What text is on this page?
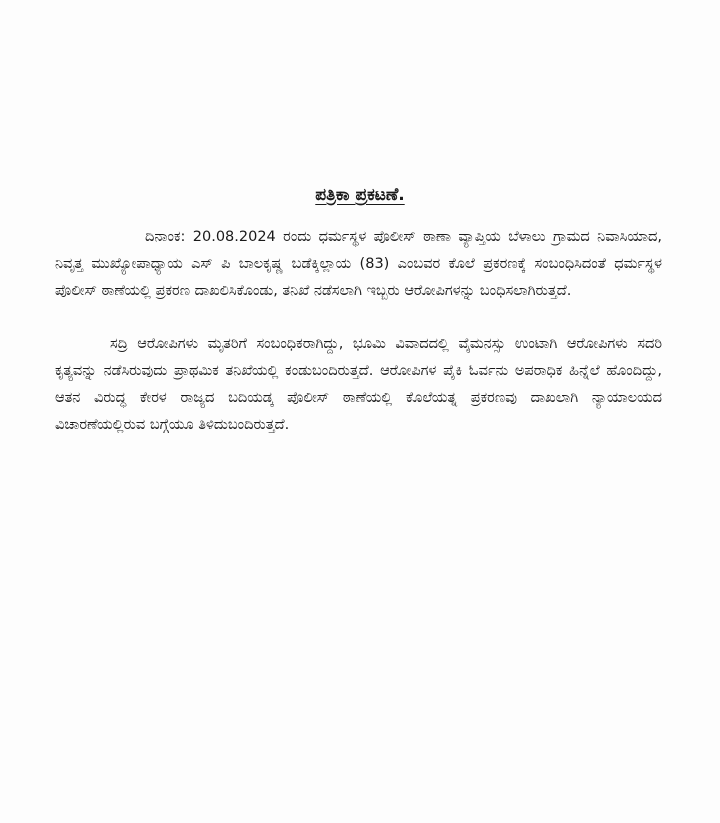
ಪತ್ರಿಕಾ ಪ್ರಕಟಣೆ.

ದಿನಾಂಕ: 20.08.2024 ರಂದು ಧರ್ಮಸ್ಥಳ ಪೊಲೀಸ್ ಠಾಣಾ ವ್ಯಾಪ್ತಿಯ ಬೆಳಾಲು ಗ್ರಾಮದ ನಿವಾಸಿಯಾದ, ನಿವೃತ್ತ ಮುಖ್ಯೋಪಾಧ್ಯಾಯ ಎಸ್ ಪಿ ಬಾಲಕೃಷ್ಣ ಬಡೆಕ್ಕಿಲ್ಲಾಯ (83) ಎಂಬವರ ಕೊಲೆ ಪ್ರಕರಣಕ್ಕೆ ಸಂಬಂಧಿಸಿದಂತೆ ಧರ್ಮಸ್ಥಳ ಪೊಲೀಸ್ ಠಾಣೆಯಲ್ಲಿ ಪ್ರಕರಣ ದಾಖಲಿಸಿಕೊಂಡು, ತನಿಖೆ ನಡೆಸಲಾಗಿ ಇಬ್ಬರು ಆರೋಪಿಗಳನ್ನು ಬಂಧಿಸಲಾಗಿರುತ್ತದೆ.

ಸದ್ರಿ ಆರೋಪಿಗಳು ಮೃತರಿಗೆ ಸಂಬಂಧಿಕರಾಗಿದ್ದು, ಭೂಮಿ ವಿವಾದದಲ್ಲಿ ವೈಮನಸ್ಸು ಉಂಟಾಗಿ ಆರೋಪಿಗಳು ಸದರಿ ಕೃತ್ಯವನ್ನು ನಡೆಸಿರುವುದು ಪ್ರಾಥಮಿಕ ತನಿಖೆಯಲ್ಲಿ ಕಂಡುಬಂದಿರುತ್ತದೆ. ಆರೋಪಿಗಳ ಪೈಕಿ ಓರ್ವನು ಅಪರಾಧಿಕ ಹಿನ್ನೆಲೆ ಹೊಂದಿದ್ದು, ಆತನ ವಿರುದ್ಧ ಕೇರಳ ರಾಜ್ಯದ ಬದಿಯಡ್ಕ ಪೊಲೀಸ್ ಠಾಣೆಯಲ್ಲಿ ಕೊಲೆಯತ್ನ ಪ್ರಕರಣವು ದಾಖಲಾಗಿ ನ್ಯಾಯಾಲಯದ ವಿಚಾರಣೆಯಲ್ಲಿರುವ ಬಗ್ಗೆಯೂ ತಿಳಿದುಬಂದಿರುತ್ತದೆ.
